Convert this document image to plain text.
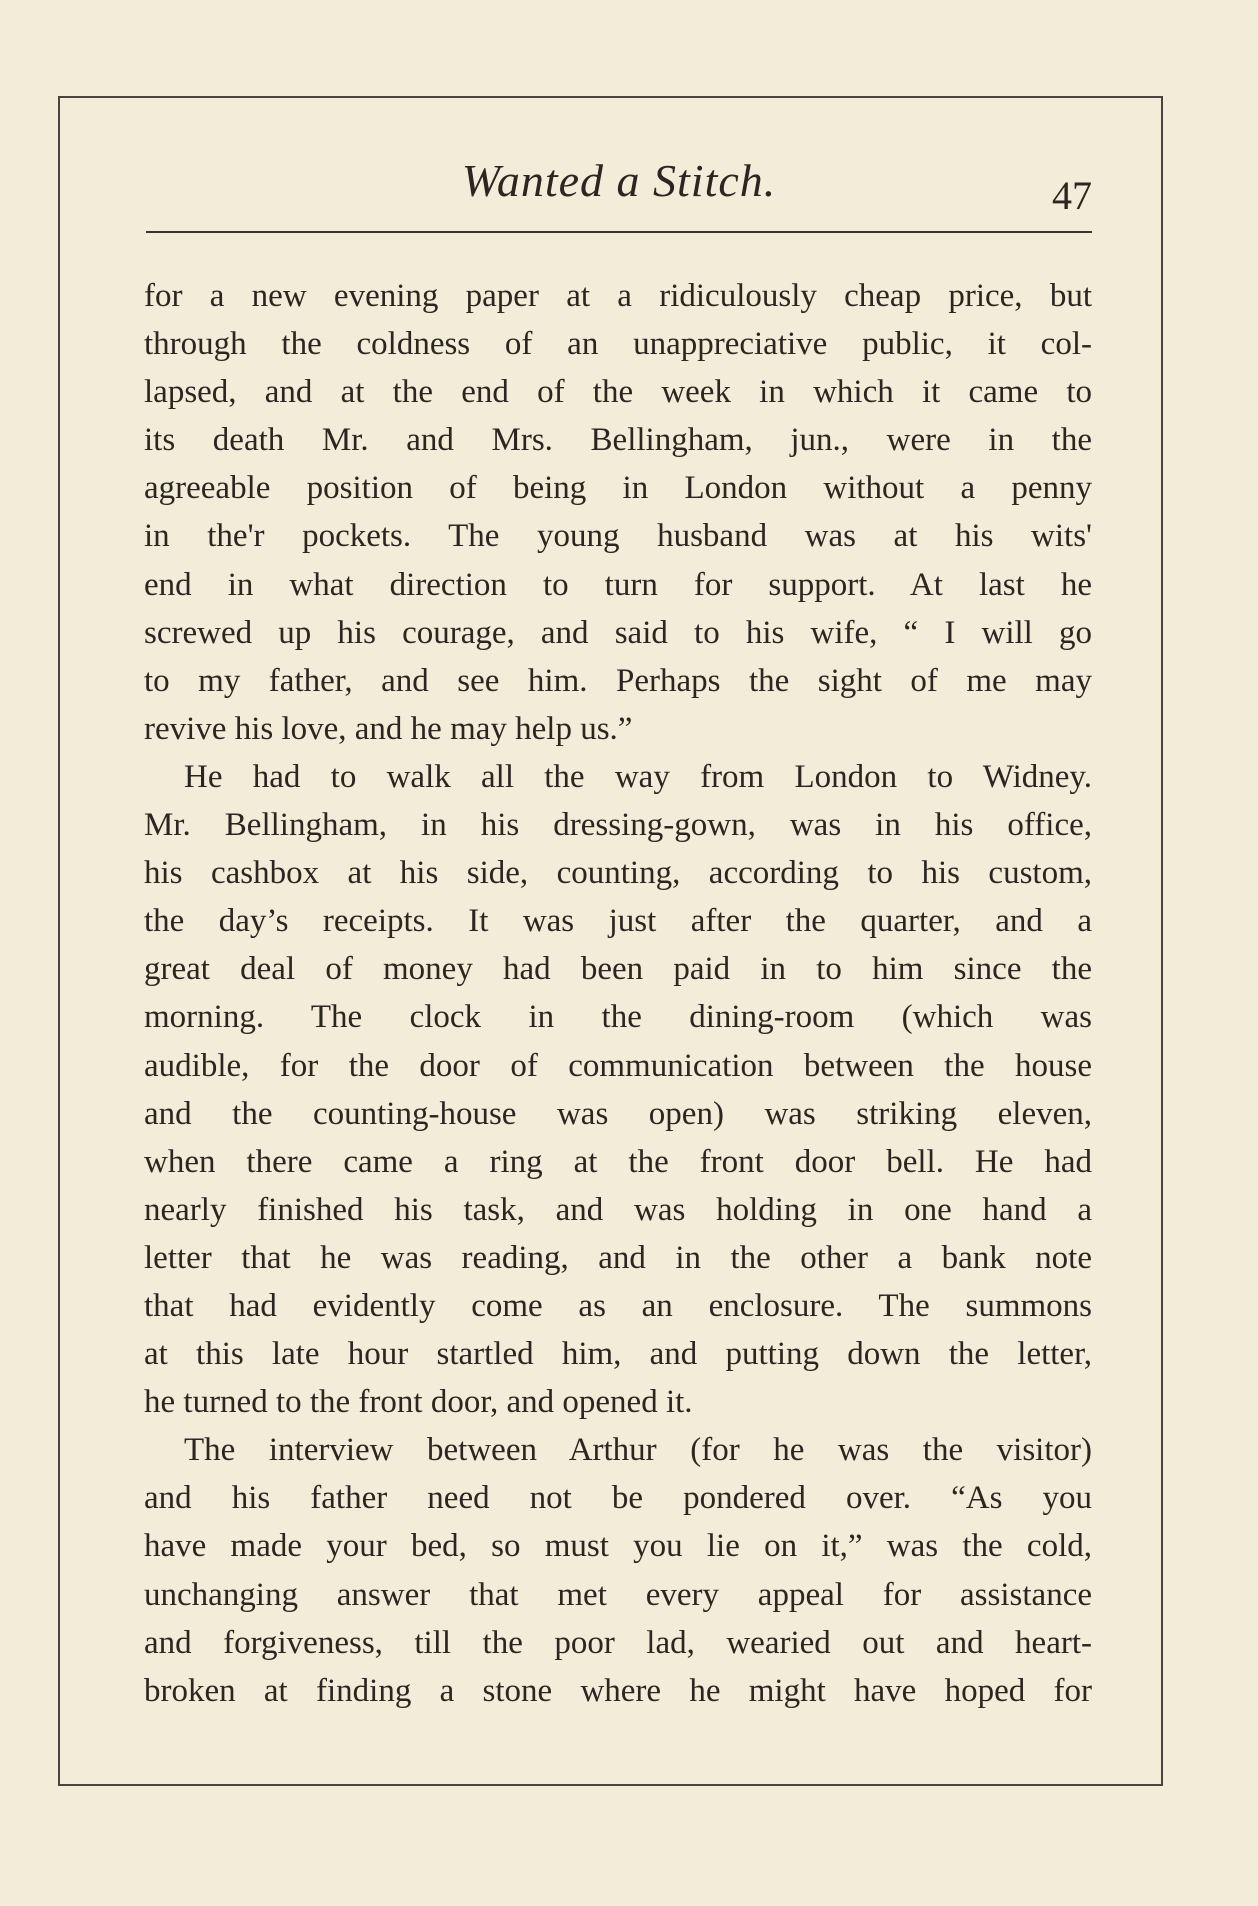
Wanted a Stitch.	47
for a new evening paper at a ridiculously cheap price, but
through the coldness of an unappreciative public, it col-
lapsed, and at the end of the week in which it came to
its death Mr. and Mrs. Bellingham, jun., were in the
agreeable position of being in London without a penny
in the'r pockets. The young husband was at his wits'
end in what direction to turn for support. At last he
screwed up his courage, and said to his wife, “ I will go
to my father, and see him. Perhaps the sight of me may
revive his love, and he may help us.”
He had to walk all the way from London to Widney.
Mr. Bellingham, in his dressing-gown, was in his office,
his cashbox at his side, counting, according to his custom,
the day’s receipts. It was just after the quarter, and a
great deal of money had been paid in to him since the
morning. The clock in the dining-room (which was
audible, for the door of communication between the house
and the counting-house was open) was striking eleven,
when there came a ring at the front door bell. He had
nearly finished his task, and was holding in one hand a
letter that he was reading, and in the other a bank note
that had evidently come as an enclosure. The summons
at this late hour startled him, and putting down the letter,
he turned to the front door, and opened it.
The interview between Arthur (for he was the visitor)
and his father need not be pondered over. “As you
have made your bed, so must you lie on it,” was the cold,
unchanging answer that met every appeal for assistance
and forgiveness, till the poor lad, wearied out and heart-
broken at finding a stone where he might have hoped for
